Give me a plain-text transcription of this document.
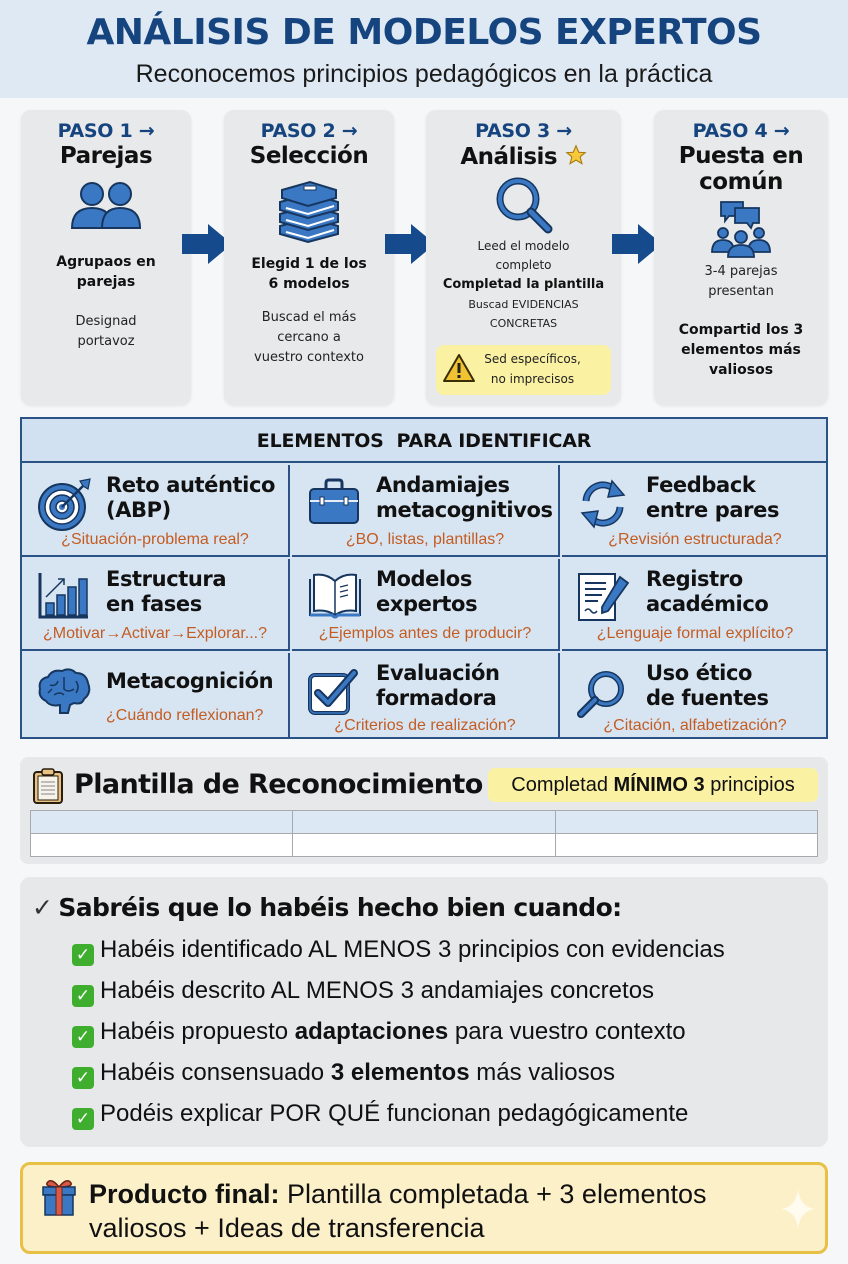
ANÁLISIS DE MODELOS EXPERTOS
Reconocemos principios pedagógicos en la práctica
PASO 1 →
Parejas
Agrupaos en
parejas
Designad
portavoz
PASO 2 →
Selección
Elegid 1 de los
6 modelos
Buscad el más
cercano a
vuestro contexto
PASO 3 →
Análisis
Leed el modelo
completo
Completad la plantilla
Buscad EVIDENCIAS
CONCRETAS
Sed específicos,
no imprecisos
PASO 4 →
Puesta en
común
3-4 parejas
presentan
Compartid los 3
elementos más
valiosos
ELEMENTOS  PARA IDENTIFICAR
Reto auténtico
(ABP)
¿Situación-problema real?
Andamiajes
metacognitivos
¿BO, listas, plantillas?
Feedback
entre pares
¿Revisión estructurada?
Estructura
en fases
¿Motivar→Activar→Explorar...?
Modelos
expertos
¿Ejemplos antes de producir?
Registro
académico
¿Lenguaje formal explícito?
Metacognición
¿Cuándo reflexionan?
Evaluación
formadora
¿Criterios de realización?
Uso ético
de fuentes
¿Citación, alfabetización?
Plantilla de Reconocimiento	Completad MÍNIMO 3 principios

✓ Sabréis que lo habéis hecho bien cuando:
✓ Habéis identificado AL MENOS 3 principios con evidencias
✓ Habéis descrito AL MENOS 3 andamiajes concretos
✓ Habéis propuesto adaptaciones para vuestro contexto
✓ Habéis consensuado 3 elementos más valiosos
✓ Podéis explicar POR QUÉ funcionan pedagógicamente
Producto final: Plantilla completada + 3 elementos valiosos + Ideas de transferencia
